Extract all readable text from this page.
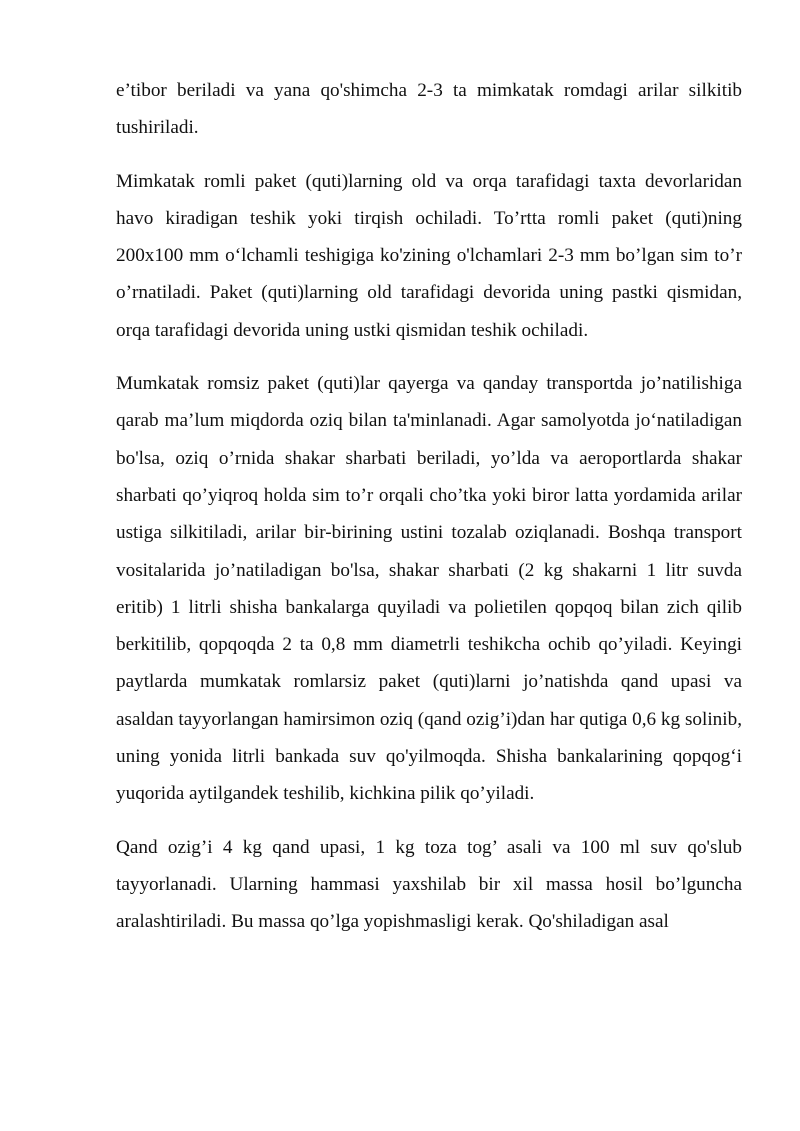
e’tibor beriladi va yana qo'shimcha 2-3 ta mimkatak romdagi arilar silkitib tushiriladi.

Mimkatak romli paket (quti)larning old va orqa tarafidagi taxta devorlaridan havo kiradigan teshik yoki tirqish ochiladi. To’rtta romli paket (quti)ning 200x100 mm o‘lchamli teshigiga ko'zining o'lchamlari 2-3 mm bo’lgan sim to’r o’rnatiladi. Paket (quti)larning old tarafidagi devorida uning pastki qismidan, orqa tarafidagi devorida uning ustki qismidan teshik ochiladi.

Mumkatak romsiz paket (quti)lar qayerga va qanday transportda jo’natilishiga qarab ma’lum miqdorda oziq bilan ta'minlanadi. Agar samolyotda jo‘natiladigan bo'lsa, oziq o’rnida shakar sharbati beriladi, yo’lda va aeroportlarda shakar sharbati qo’yiqroq holda sim to’r orqali cho’tka yoki biror latta yordamida arilar ustiga silkitiladi, arilar bir-birining ustini tozalab oziqlanadi. Boshqa transport vositalarida jo’natiladigan bo'lsa, shakar sharbati (2 kg shakarni 1 litr suvda eritib) 1 litrli shisha bankalarga quyiladi va polietilen qopqoq bilan zich qilib berkitilib, qopqoqda 2 ta 0,8 mm diametrli teshikcha ochib qo’yiladi. Keyingi paytlarda mumkatak romlarsiz paket (quti)larni jo’natishda qand upasi va asaldan tayyorlangan hamirsimon oziq (qand ozig’i)dan har qutiga 0,6 kg solinib, uning yonida litrli bankada suv qo'yilmoqda. Shisha bankalarining qopqog‘i yuqorida aytilgandek teshilib, kichkina pilik qo’yiladi.

Qand ozig’i 4 kg qand upasi, 1 kg toza tog’ asali va 100 ml suv qo'slub tayyorlanadi. Ularning hammasi yaxshilab bir xil massa hosil bo’lguncha aralashtiriladi. Bu massa qo’lga yopishmasligi kerak. Qo'shiladigan asal
